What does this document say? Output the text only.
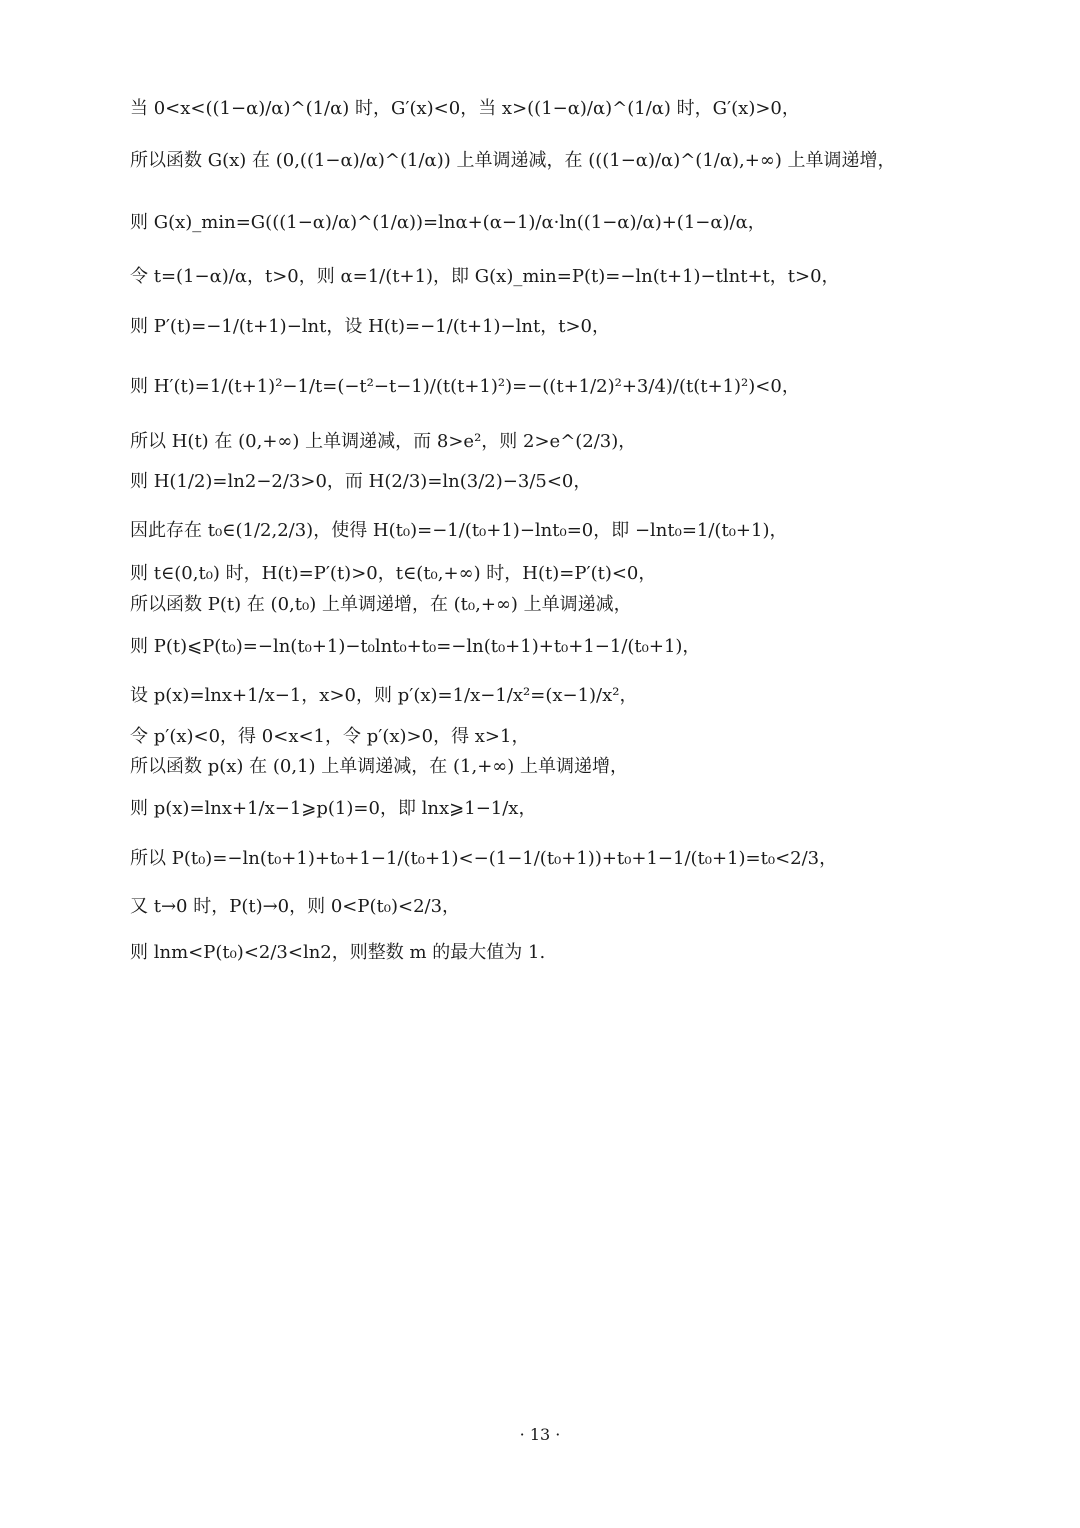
当 0<x<((1−α)/α)^(1/α) 时，G′(x)<0，当 x>((1−α)/α)^(1/α) 时，G′(x)>0，
所以函数 G(x) 在 (0,((1−α)/α)^(1/α)) 上单调递减，在 (((1−α)/α)^(1/α),+∞) 上单调递增，
则 G(x)_min=G(((1−α)/α)^(1/α))=lnα+(α−1)/α·ln((1−α)/α)+(1−α)/α，
令 t=(1−α)/α，t>0，则 α=1/(t+1)，即 G(x)_min=P(t)=−ln(t+1)−tlnt+t，t>0，
则 P′(t)=−1/(t+1)−lnt，设 H(t)=−1/(t+1)−lnt，t>0，
则 H′(t)=1/(t+1)²−1/t=(−t²−t−1)/(t(t+1)²)=−((t+1/2)²+3/4)/(t(t+1)²)<0，
所以 H(t) 在 (0,+∞) 上单调递减，而 8>e²，则 2>e^(2/3)，
则 H(1/2)=ln2−2/3>0，而 H(2/3)=ln(3/2)−3/5<0，
因此存在 t₀∈(1/2,2/3)，使得 H(t₀)=−1/(t₀+1)−lnt₀=0，即 −lnt₀=1/(t₀+1)，
则 t∈(0,t₀) 时，H(t)=P′(t)>0，t∈(t₀,+∞) 时，H(t)=P′(t)<0，
所以函数 P(t) 在 (0,t₀) 上单调递增，在 (t₀,+∞) 上单调递减，
则 P(t)⩽P(t₀)=−ln(t₀+1)−t₀lnt₀+t₀=−ln(t₀+1)+t₀+1−1/(t₀+1)，
设 p(x)=lnx+1/x−1，x>0，则 p′(x)=1/x−1/x²=(x−1)/x²，
令 p′(x)<0，得 0<x<1，令 p′(x)>0，得 x>1，
所以函数 p(x) 在 (0,1) 上单调递减，在 (1,+∞) 上单调递增，
则 p(x)=lnx+1/x−1⩾p(1)=0，即 lnx⩾1−1/x，
所以 P(t₀)=−ln(t₀+1)+t₀+1−1/(t₀+1)<−(1−1/(t₀+1))+t₀+1−1/(t₀+1)=t₀<2/3，
又 t→0 时，P(t)→0，则 0<P(t₀)<2/3，
则 lnm<P(t₀)<2/3<ln2，则整数 m 的最大值为 1.
· 13 ·
